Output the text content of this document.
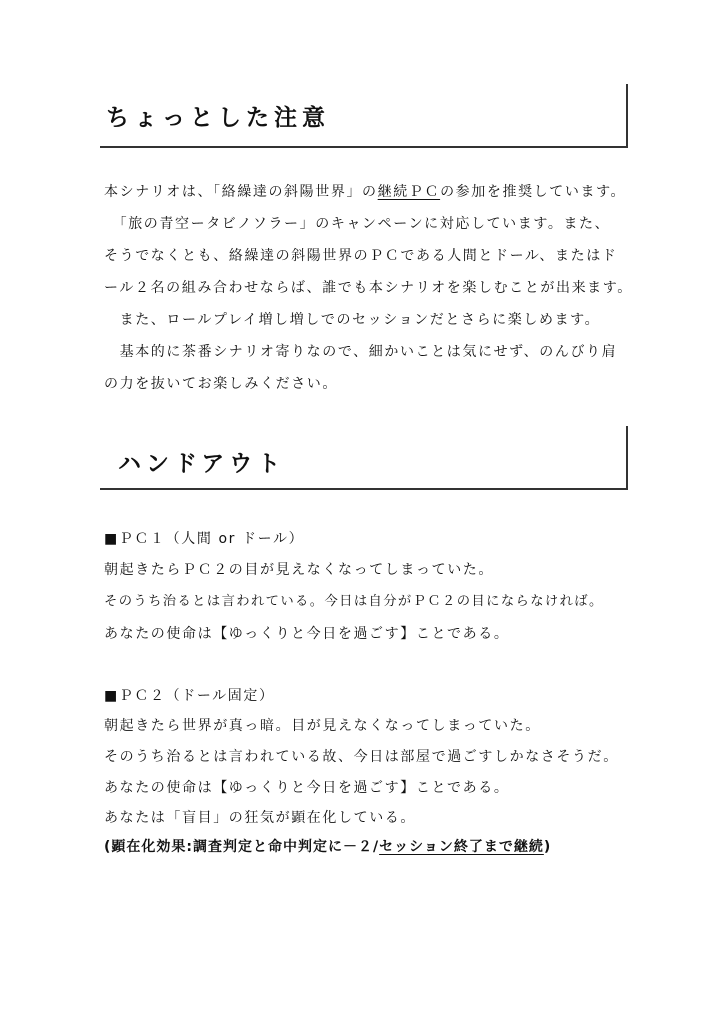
ちょっとした注意
本シナリオは、「絡繰達の斜陽世界」の継続ＰＣの参加を推奨しています。
　「旅の青空ータビノソラー」のキャンペーンに対応しています。また、
そうでなくとも、絡繰達の斜陽世界のＰＣである人間とドール、またはド
ール２名の組み合わせならば、誰でも本シナリオを楽しむことが出来ます。
　また、ロールプレイ増し増しでのセッションだとさらに楽しめます。
　基本的に茶番シナリオ寄りなので、細かいことは気にせず、のんびり肩
の力を抜いてお楽しみください。
ハンドアウト
■ＰＣ１（人間 or ドール）
朝起きたらＰＣ２の目が見えなくなってしまっていた。
そのうち治るとは言われている。今日は自分がＰＣ２の目にならなければ。
あなたの使命は【ゆっくりと今日を過ごす】ことである。
■ＰＣ２（ドール固定）
朝起きたら世界が真っ暗。目が見えなくなってしまっていた。
そのうち治るとは言われている故、今日は部屋で過ごすしかなさそうだ。
あなたの使命は【ゆっくりと今日を過ごす】ことである。
あなたは「盲目」の狂気が顕在化している。
(顕在化効果:調査判定と命中判定に－２/セッション終了まで継続)
